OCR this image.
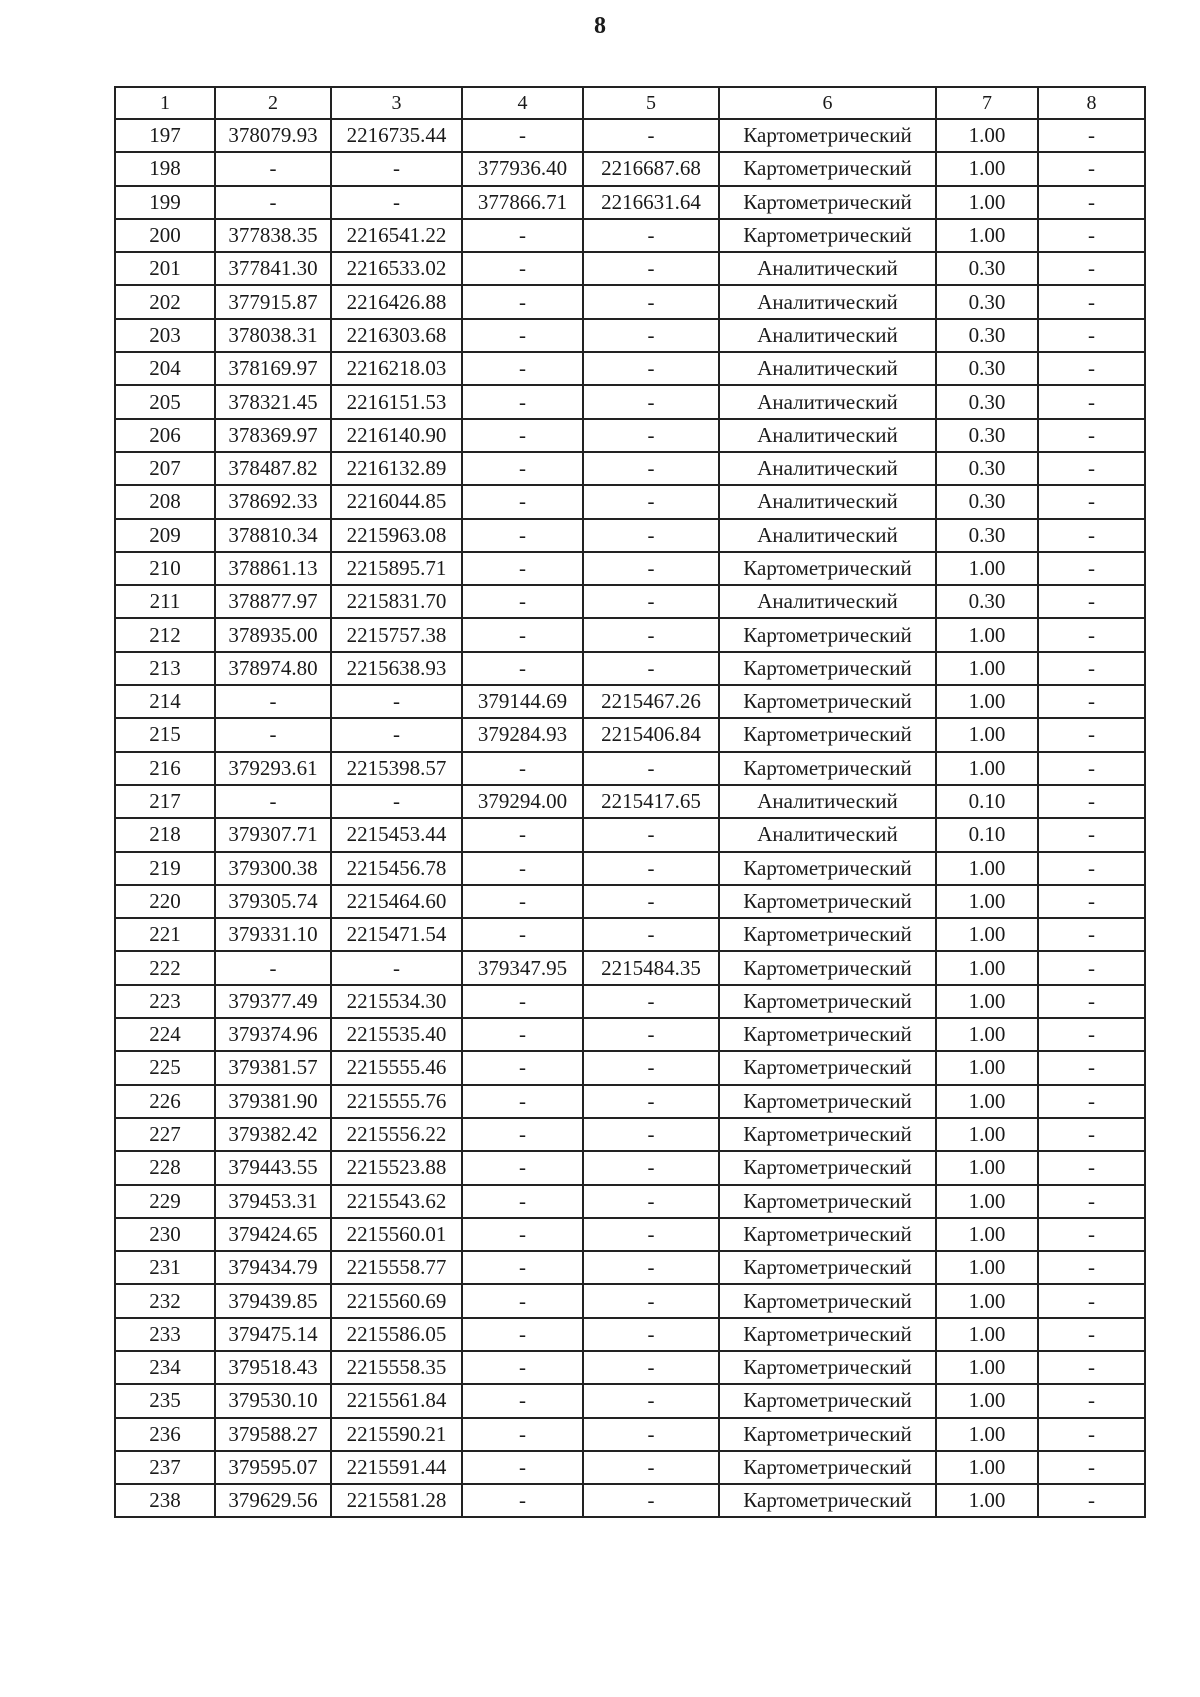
8
1	2	3	4	5	6	7	8
197	378079.93	2216735.44	-	-	Картометрический	1.00	-
198	-	-	377936.40	2216687.68	Картометрический	1.00	-
199	-	-	377866.71	2216631.64	Картометрический	1.00	-
200	377838.35	2216541.22	-	-	Картометрический	1.00	-
201	377841.30	2216533.02	-	-	Аналитический	0.30	-
202	377915.87	2216426.88	-	-	Аналитический	0.30	-
203	378038.31	2216303.68	-	-	Аналитический	0.30	-
204	378169.97	2216218.03	-	-	Аналитический	0.30	-
205	378321.45	2216151.53	-	-	Аналитический	0.30	-
206	378369.97	2216140.90	-	-	Аналитический	0.30	-
207	378487.82	2216132.89	-	-	Аналитический	0.30	-
208	378692.33	2216044.85	-	-	Аналитический	0.30	-
209	378810.34	2215963.08	-	-	Аналитический	0.30	-
210	378861.13	2215895.71	-	-	Картометрический	1.00	-
211	378877.97	2215831.70	-	-	Аналитический	0.30	-
212	378935.00	2215757.38	-	-	Картометрический	1.00	-
213	378974.80	2215638.93	-	-	Картометрический	1.00	-
214	-	-	379144.69	2215467.26	Картометрический	1.00	-
215	-	-	379284.93	2215406.84	Картометрический	1.00	-
216	379293.61	2215398.57	-	-	Картометрический	1.00	-
217	-	-	379294.00	2215417.65	Аналитический	0.10	-
218	379307.71	2215453.44	-	-	Аналитический	0.10	-
219	379300.38	2215456.78	-	-	Картометрический	1.00	-
220	379305.74	2215464.60	-	-	Картометрический	1.00	-
221	379331.10	2215471.54	-	-	Картометрический	1.00	-
222	-	-	379347.95	2215484.35	Картометрический	1.00	-
223	379377.49	2215534.30	-	-	Картометрический	1.00	-
224	379374.96	2215535.40	-	-	Картометрический	1.00	-
225	379381.57	2215555.46	-	-	Картометрический	1.00	-
226	379381.90	2215555.76	-	-	Картометрический	1.00	-
227	379382.42	2215556.22	-	-	Картометрический	1.00	-
228	379443.55	2215523.88	-	-	Картометрический	1.00	-
229	379453.31	2215543.62	-	-	Картометрический	1.00	-
230	379424.65	2215560.01	-	-	Картометрический	1.00	-
231	379434.79	2215558.77	-	-	Картометрический	1.00	-
232	379439.85	2215560.69	-	-	Картометрический	1.00	-
233	379475.14	2215586.05	-	-	Картометрический	1.00	-
234	379518.43	2215558.35	-	-	Картометрический	1.00	-
235	379530.10	2215561.84	-	-	Картометрический	1.00	-
236	379588.27	2215590.21	-	-	Картометрический	1.00	-
237	379595.07	2215591.44	-	-	Картометрический	1.00	-
238	379629.56	2215581.28	-	-	Картометрический	1.00	-
